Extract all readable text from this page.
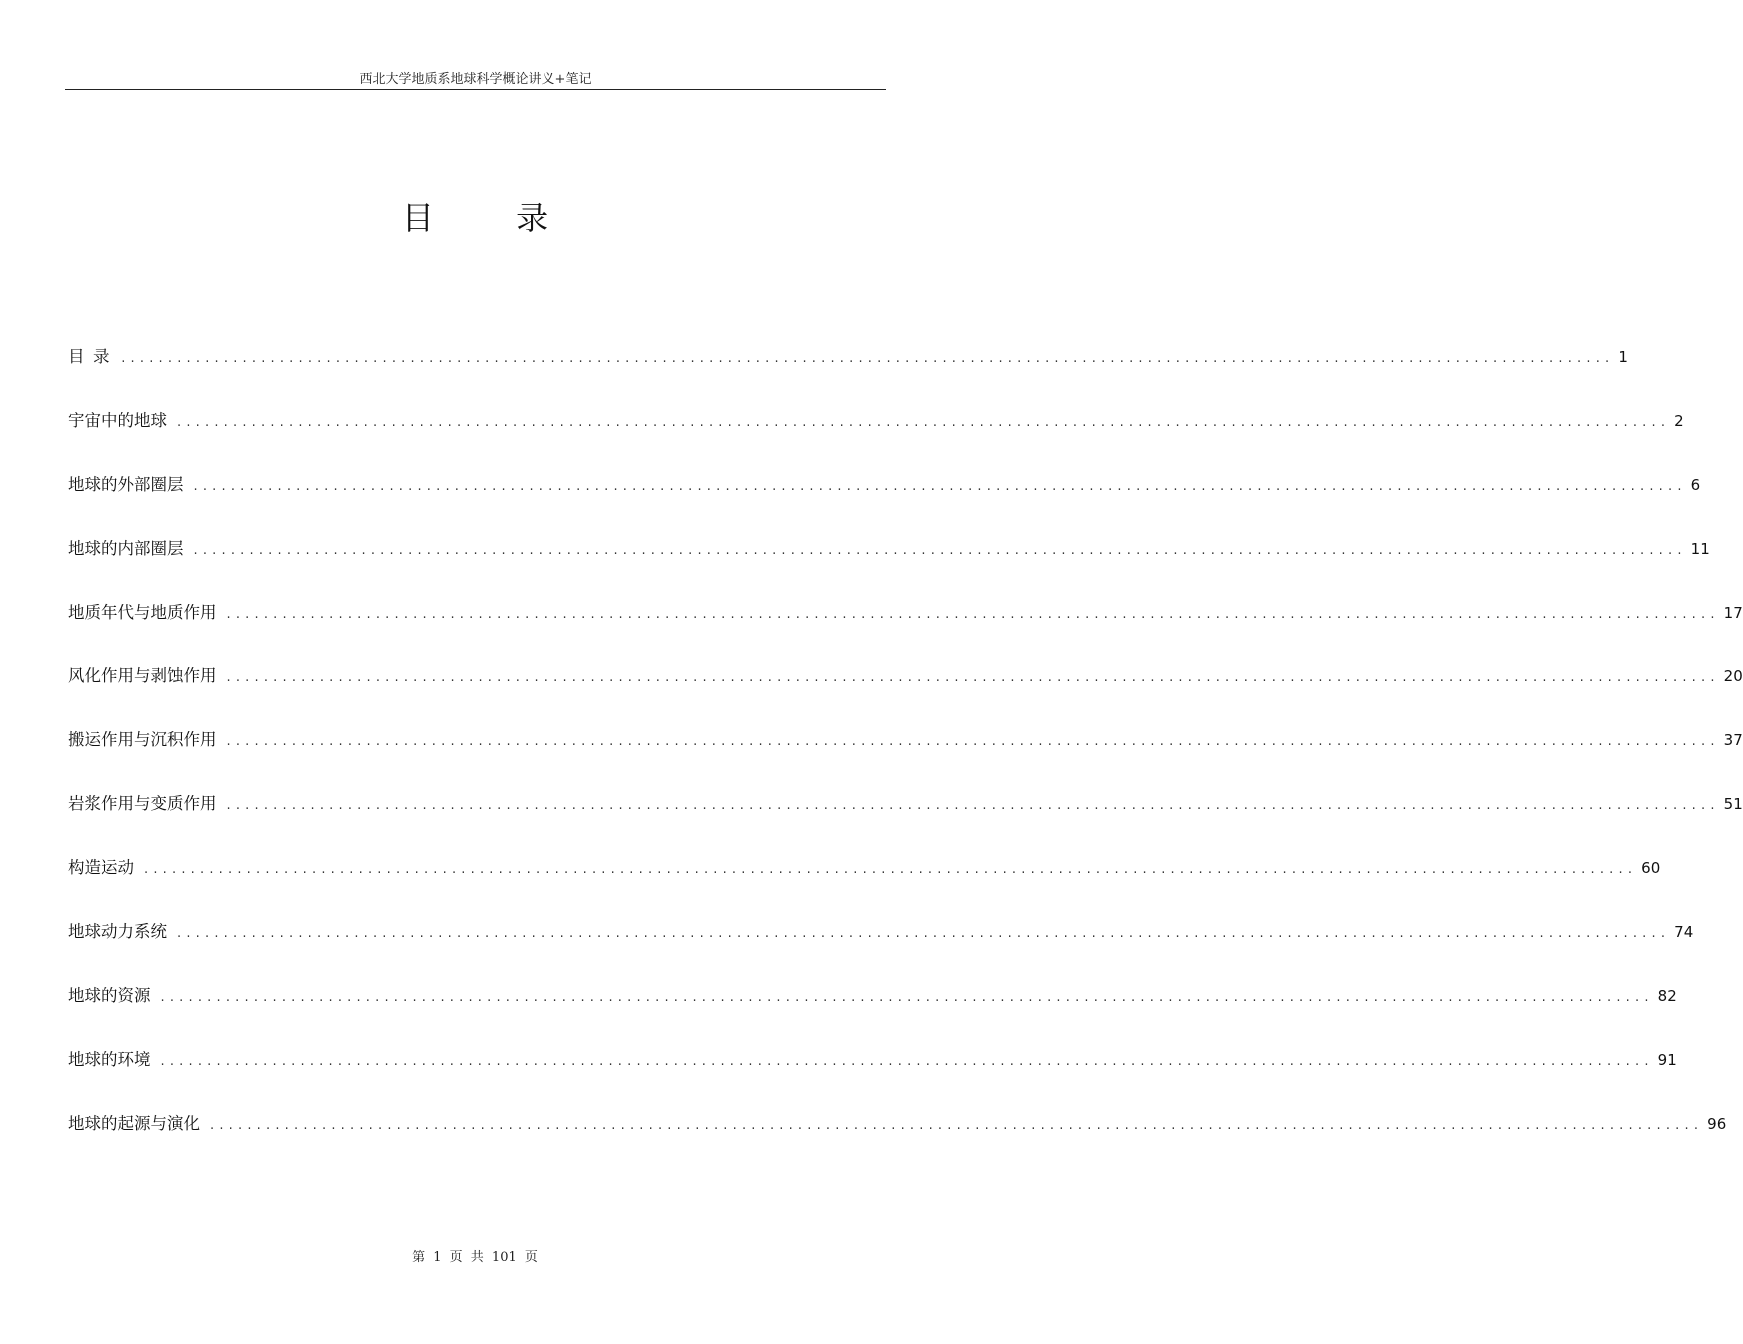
西北大学地质系地球科学概论讲义+笔记
目 录
目 录 ................................................................................................................................................................ 1
宇宙中的地球 ................................................................................................................................................................ 2
地球的外部圈层 ................................................................................................................................................................ 6
地球的内部圈层 ................................................................................................................................................................ 11
地质年代与地质作用 ................................................................................................................................................................ 17
风化作用与剥蚀作用 ................................................................................................................................................................ 20
搬运作用与沉积作用 ................................................................................................................................................................ 37
岩浆作用与变质作用 ................................................................................................................................................................ 51
构造运动 ................................................................................................................................................................ 60
地球动力系统 ................................................................................................................................................................ 74
地球的资源 ................................................................................................................................................................ 82
地球的环境 ................................................................................................................................................................ 91
地球的起源与演化 ................................................................................................................................................................ 96
第 1 页 共 101 页
